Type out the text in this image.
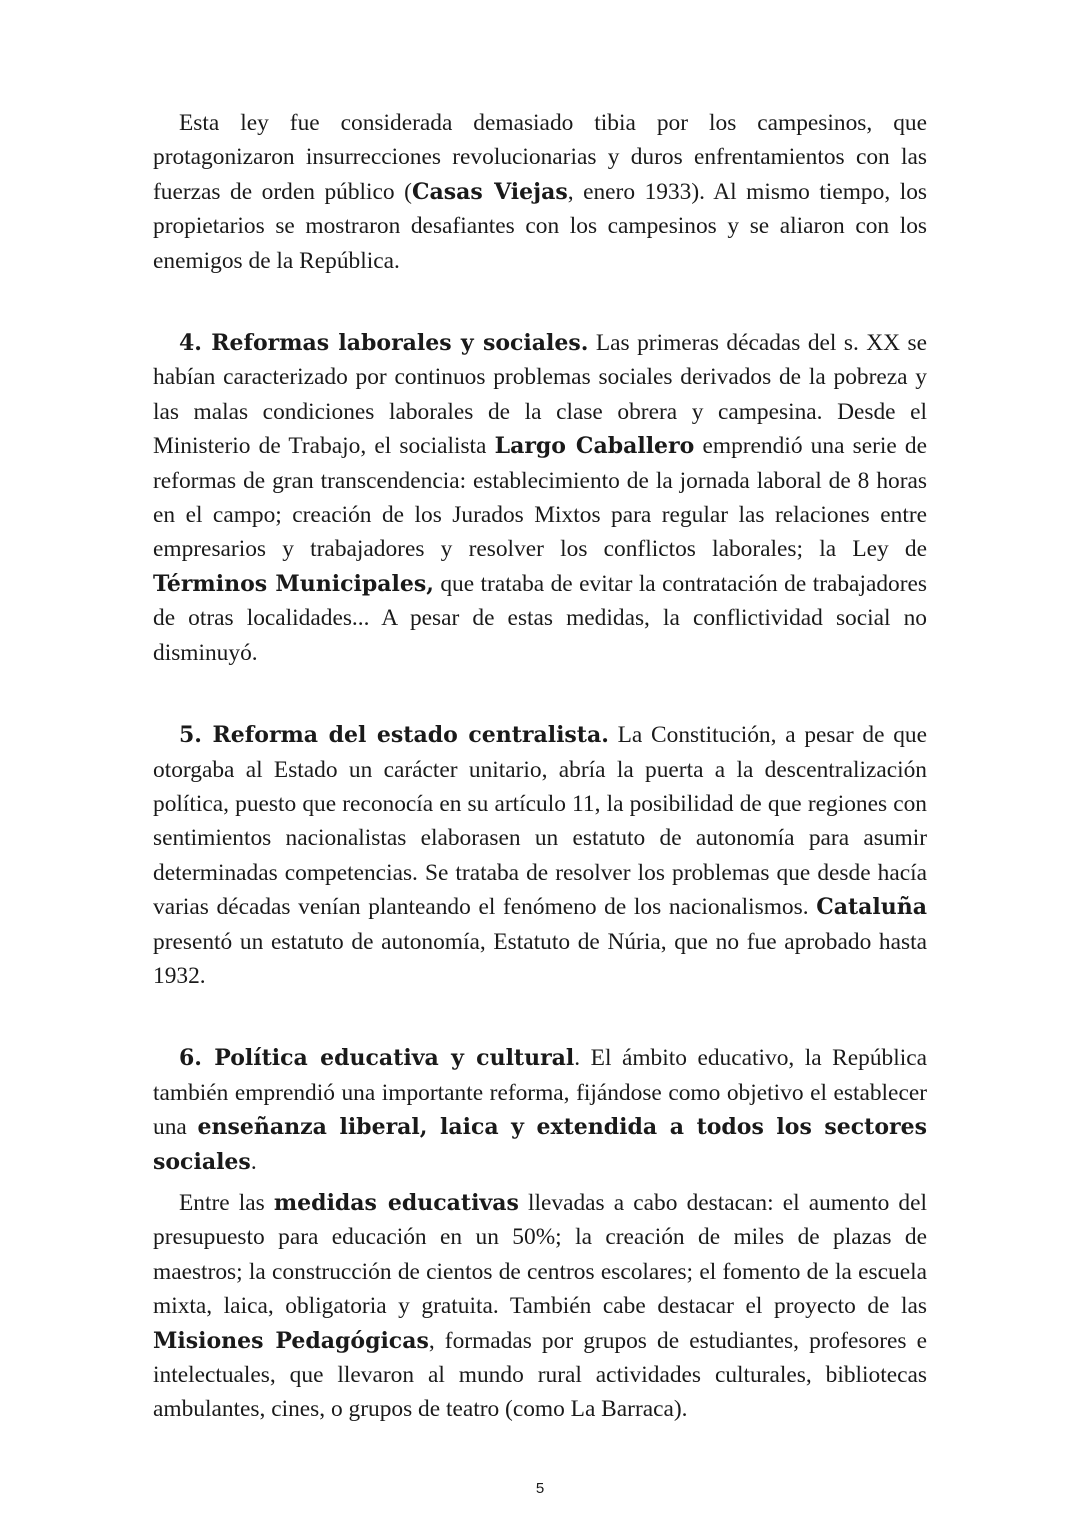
Esta ley fue considerada demasiado tibia por los campesinos, que protagonizaron insurrecciones revolucionarias y duros enfrentamientos con las fuerzas de orden público (Casas Viejas, enero 1933). Al mismo tiempo, los propietarios se mostraron desafiantes con los campesinos y se aliaron con los enemigos de la República.

4. Reformas laborales y sociales. Las primeras décadas del s. XX se habían caracterizado por continuos problemas sociales derivados de la pobreza y las malas condiciones laborales de la clase obrera y campesina. Desde el Ministerio de Trabajo, el socialista Largo Caballero emprendió una serie de reformas de gran transcendencia: establecimiento de la jornada laboral de 8 horas en el campo; creación de los Jurados Mixtos para regular las relaciones entre empresarios y trabajadores y resolver los conflictos laborales; la Ley de Términos Municipales, que trataba de evitar la contratación de trabajadores de otras localidades... A pesar de estas medidas, la conflictividad social no disminuyó.

5. Reforma del estado centralista. La Constitución, a pesar de que otorgaba al Estado un carácter unitario, abría la puerta a la descentralización política, puesto que reconocía en su artículo 11, la posibilidad de que regiones con sentimientos nacionalistas elaborasen un estatuto de autonomía para asumir determinadas competencias. Se trataba de resolver los problemas que desde hacía varias décadas venían planteando el fenómeno de los nacionalismos. Cataluña presentó un estatuto de autonomía, Estatuto de Núria, que no fue aprobado hasta 1932.

6. Política educativa y cultural. El ámbito educativo, la República también emprendió una importante reforma, fijándose como objetivo el establecer una enseñanza liberal, laica y extendida a todos los sectores sociales.

Entre las medidas educativas llevadas a cabo destacan: el aumento del presupuesto para educación en un 50%; la creación de miles de plazas de maestros; la construcción de cientos de centros escolares; el fomento de la escuela mixta, laica, obligatoria y gratuita. También cabe destacar el proyecto de las Misiones Pedagógicas, formadas por grupos de estudiantes, profesores e intelectuales, que llevaron al mundo rural actividades culturales, bibliotecas ambulantes, cines, o grupos de teatro (como La Barraca).

5
